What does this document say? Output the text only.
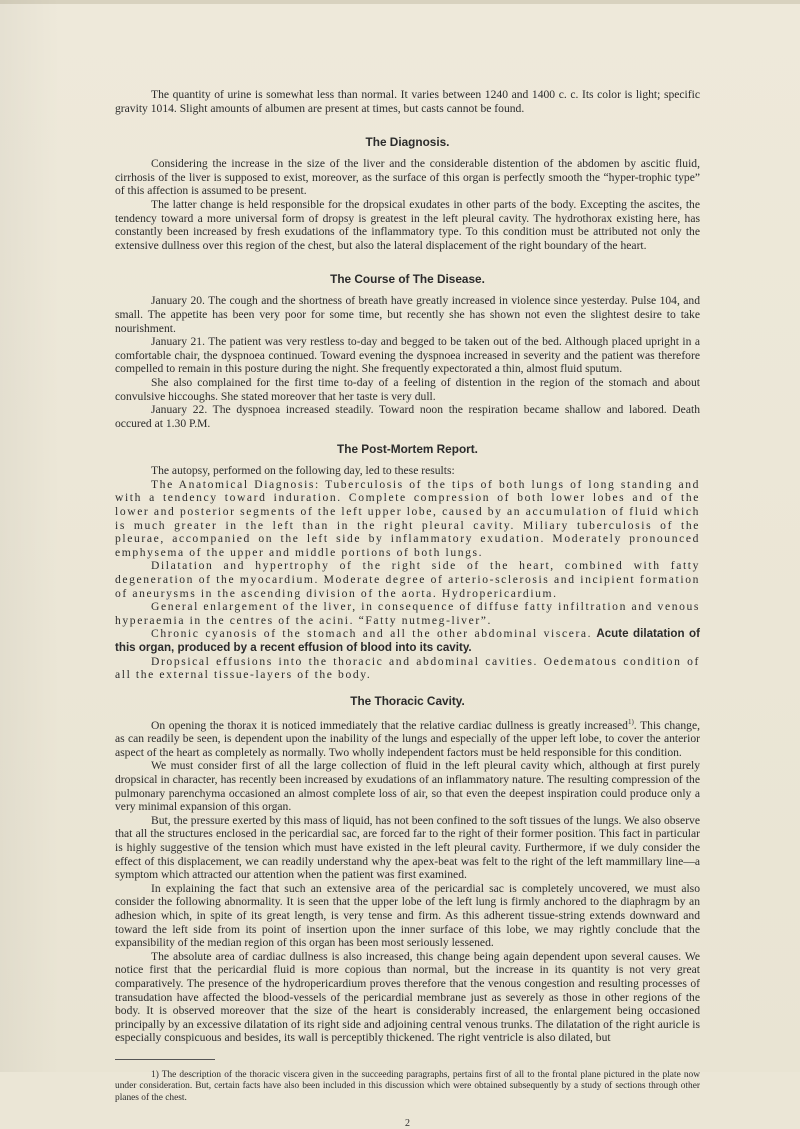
The quantity of urine is somewhat less than normal. It varies between 1240 and 1400 c. c. Its color is light; specific gravity 1014. Slight amounts of albumen are present at times, but casts cannot be found.

The Diagnosis.

Considering the increase in the size of the liver and the considerable distention of the abdomen by ascitic fluid, cirrhosis of the liver is supposed to exist, moreover, as the surface of this organ is perfectly smooth the “hyper-trophic type” of this affection is assumed to be present.

The latter change is held responsible for the dropsical exudates in other parts of the body. Excepting the ascites, the tendency toward a more universal form of dropsy is greatest in the left pleural cavity. The hydrothorax existing here, has constantly been increased by fresh exudations of the inflammatory type. To this condition must be attributed not only the extensive dullness over this region of the chest, but also the lateral displacement of the right boundary of the heart.

The Course of The Disease.

January 20. The cough and the shortness of breath have greatly increased in violence since yesterday. Pulse 104, and small. The appetite has been very poor for some time, but recently she has shown not even the slightest desire to take nourishment.

January 21. The patient was very restless to-day and begged to be taken out of the bed. Although placed upright in a comfortable chair, the dyspnoea continued. Toward evening the dyspnoea increased in severity and the patient was therefore compelled to remain in this posture during the night. She frequently expectorated a thin, almost fluid sputum.

She also complained for the first time to-day of a feeling of distention in the region of the stomach and about convulsive hiccoughs. She stated moreover that her taste is very dull.

January 22. The dyspnoea increased steadily. Toward noon the respiration became shallow and labored. Death occured at 1.30 P.M.

The Post-Mortem Report.

The autopsy, performed on the following day, led to these results:

The Anatomical Diagnosis: Tuberculosis of the tips of both lungs of long standing and with a tendency toward induration. Complete compression of both lower lobes and of the lower and posterior segments of the left upper lobe, caused by an accumulation of fluid which is much greater in the left than in the right pleural cavity. Miliary tuberculosis of the pleurae, accompanied on the left side by inflammatory exudation. Moderately pronounced emphysema of the upper and middle portions of both lungs.

Dilatation and hypertrophy of the right side of the heart, combined with fatty degeneration of the myocardium. Moderate degree of arterio-sclerosis and incipient formation of aneurysms in the ascending division of the aorta. Hydropericardium.

General enlargement of the liver, in consequence of diffuse fatty infiltration and venous hyperaemia in the centres of the acini. “Fatty nutmeg-liver”.

Chronic cyanosis of the stomach and all the other abdominal viscera. Acute dilatation of this organ, produced by a recent effusion of blood into its cavity.

Dropsical effusions into the thoracic and abdominal cavities. Oedematous condition of all the external tissue-layers of the body.

The Thoracic Cavity.

On opening the thorax it is noticed immediately that the relative cardiac dullness is greatly increased$^{1)}$. This change, as can readily be seen, is dependent upon the inability of the lungs and especially of the upper left lobe, to cover the anterior aspect of the heart as completely as normally. Two wholly independent factors must be held responsible for this condition.

We must consider first of all the large collection of fluid in the left pleural cavity which, although at first purely dropsical in character, has recently been increased by exudations of an inflammatory nature. The resulting compression of the pulmonary parenchyma occasioned an almost complete loss of air, so that even the deepest inspiration could produce only a very minimal expansion of this organ.

But, the pressure exerted by this mass of liquid, has not been confined to the soft tissues of the lungs. We also observe that all the structures enclosed in the pericardial sac, are forced far to the right of their former position. This fact in particular is highly suggestive of the tension which must have existed in the left pleural cavity. Furthermore, if we duly consider the effect of this displacement, we can readily understand why the apex-beat was felt to the right of the left mammillary line—a symptom which attracted our attention when the patient was first examined.

In explaining the fact that such an extensive area of the pericardial sac is completely uncovered, we must also consider the following abnormality. It is seen that the upper lobe of the left lung is firmly anchored to the diaphragm by an adhesion which, in spite of its great length, is very tense and firm. As this adherent tissue-string extends downward and toward the left side from its point of insertion upon the inner surface of this lobe, we may rightly conclude that the expansibility of the median region of this organ has been most seriously lessened.

The absolute area of cardiac dullness is also increased, this change being again dependent upon several causes. We notice first that the pericardial fluid is more copious than normal, but the increase in its quantity is not very great comparatively. The presence of the hydropericardium proves therefore that the venous congestion and resulting processes of transudation have affected the blood-vessels of the pericardial membrane just as severely as those in other regions of the body. It is observed moreover that the size of the heart is considerably increased, the enlargement being occasioned principally by an excessive dilatation of its right side and adjoining central venous trunks. The dilatation of the right auricle is especially conspicuous and besides, its wall is perceptibly thickened. The right ventricle is also dilated, but

1) The description of the thoracic viscera given in the succeeding paragraphs, pertains first of all to the frontal plane pictured in the plate now under consideration. But, certain facts have also been included in this discussion which were obtained subsequently by a study of sections through other planes of the chest.

2
